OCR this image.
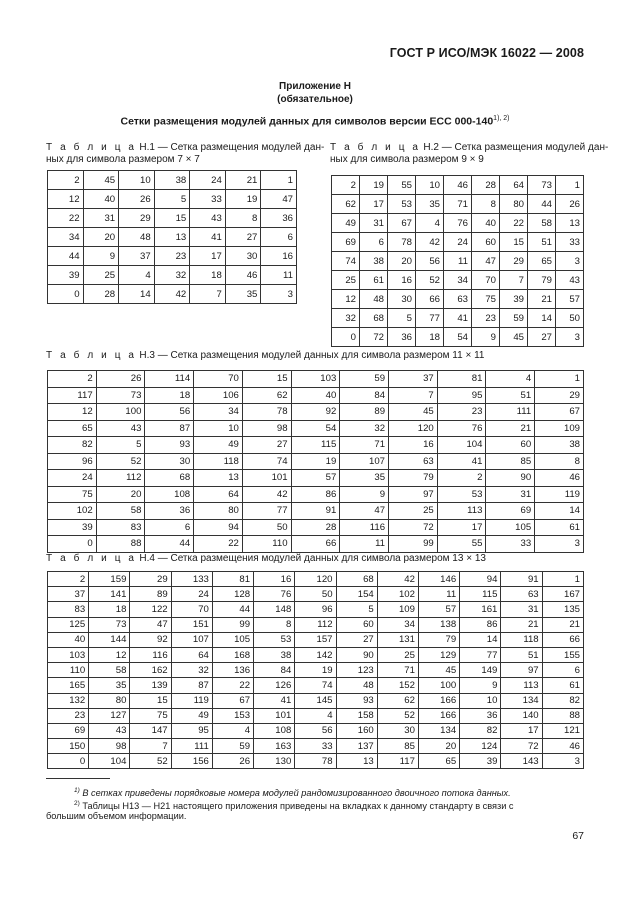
ГОСТ Р ИСО/МЭК 16022 — 2008
Приложение Н
(обязательное)
Сетки размещения модулей данных для символов версии ЕСС $000-140^{1), 2)}$
Т а б л и ц а Н.1 — Сетка размещения модулей дан-
ных для символа размером 7 × 7
2	45	10	38	24	21	1
12	40	26	5	33	19	47
22	31	29	15	43	8	36
34	20	48	13	41	27	6
44	9	37	23	17	30	16
39	25	4	32	18	46	11
0	28	14	42	7	35	3
Т а б л и ц а Н.2 — Сетка размещения модулей дан-
ных для символа размером 9 × 9
2	19	55	10	46	28	64	73	1
62	17	53	35	71	8	80	44	26
49	31	67	4	76	40	22	58	13
69	6	78	42	24	60	15	51	33
74	38	20	56	11	47	29	65	3
25	61	16	52	34	70	7	79	43
12	48	30	66	63	75	39	21	57
32	68	5	77	41	23	59	14	50
0	72	36	18	54	9	45	27	3
Т а б л и ц а Н.3 — Сетка размещения модулей данных для символа размером 11 × 11
2	26	114	70	15	103	59	37	81	4	1
117	73	18	106	62	40	84	7	95	51	29
12	100	56	34	78	92	89	45	23	111	67
65	43	87	10	98	54	32	120	76	21	109
82	5	93	49	27	115	71	16	104	60	38
96	52	30	118	74	19	107	63	41	85	8
24	112	68	13	101	57	35	79	2	90	46
75	20	108	64	42	86	9	97	53	31	119
102	58	36	80	77	91	47	25	113	69	14
39	83	6	94	50	28	116	72	17	105	61
0	88	44	22	110	66	11	99	55	33	3
Т а б л и ц а Н.4 — Сетка размещения модулей данных для символа размером 13 × 13
2	159	29	133	81	16	120	68	42	146	94	91	1
37	141	89	24	128	76	50	154	102	11	115	63	167
83	18	122	70	44	148	96	5	109	57	161	31	135
125	73	47	151	99	8	112	60	34	138	86	21	21
40	144	92	107	105	53	157	27	131	79	14	118	66
103	12	116	64	168	38	142	90	25	129	77	51	155
110	58	162	32	136	84	19	123	71	45	149	97	6
165	35	139	87	22	126	74	48	152	100	9	113	61
132	80	15	119	67	41	145	93	62	166	10	134	82
23	127	75	49	153	101	4	158	52	166	36	140	88
69	43	147	95	4	108	56	160	30	134	82	17	121
150	98	7	111	59	163	33	137	85	20	124	72	46
0	104	52	156	26	130	78	13	117	65	39	143	3
$^{1)}$ В сетках приведены порядковые номера модулей рандомизированного двоичного потока данных.
$^{2)}$ Таблицы Н13 — Н21 настоящего приложения приведены на вкладках к данному стандарту в связи с
большим объемом информации.
67
